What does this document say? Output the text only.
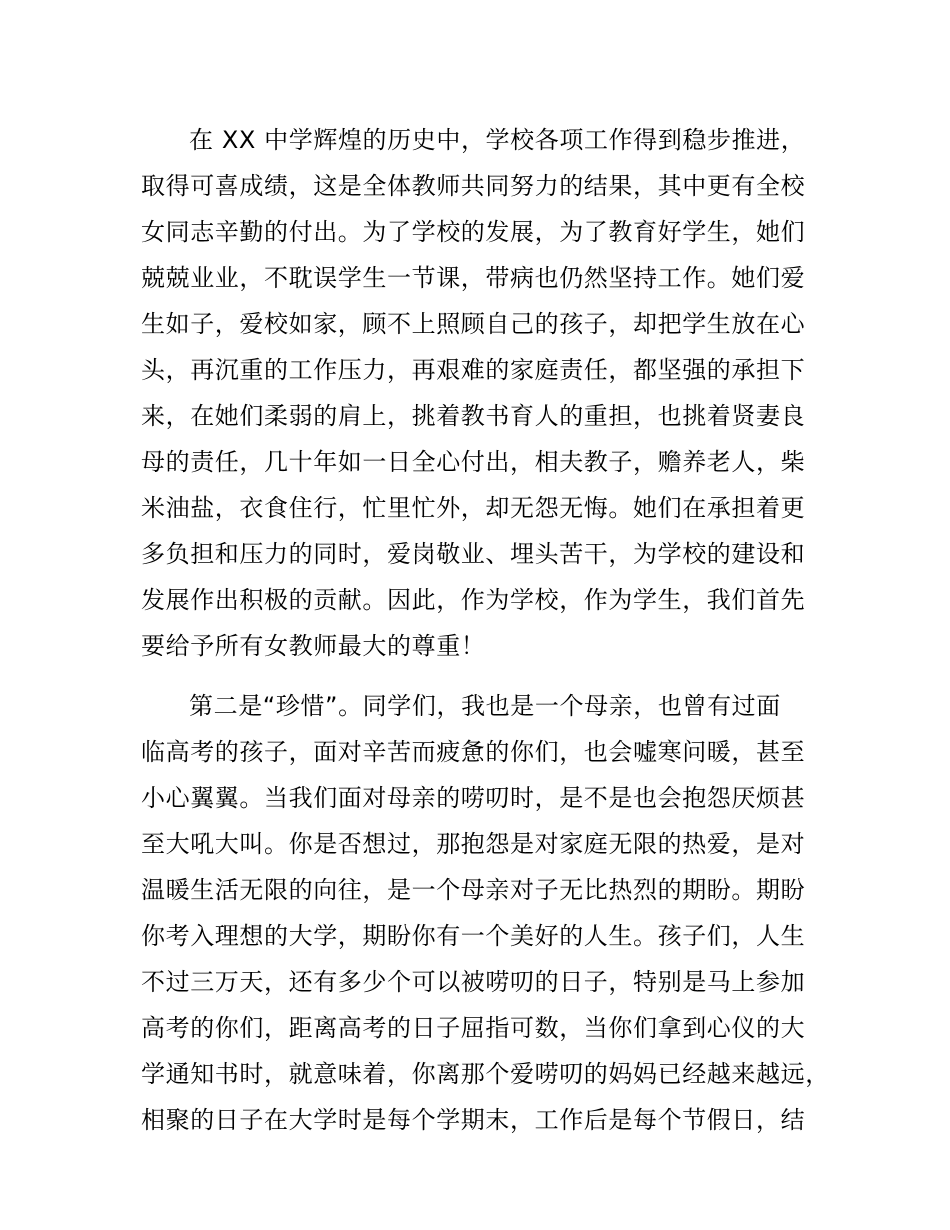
在 XX 中学辉煌的历史中，学校各项工作得到稳步推进，
取得可喜成绩，这是全体教师共同努力的结果，其中更有全校
女同志辛勤的付出。为了学校的发展，为了教育好学生，她们
兢兢业业，不耽误学生一节课，带病也仍然坚持工作。她们爱
生如子，爱校如家，顾不上照顾自己的孩子，却把学生放在心
头，再沉重的工作压力，再艰难的家庭责任，都坚强的承担下
来，在她们柔弱的肩上，挑着教书育人的重担，也挑着贤妻良
母的责任，几十年如一日全心付出，相夫教子，赡养老人，柴
米油盐，衣食住行，忙里忙外，却无怨无悔。她们在承担着更
多负担和压力的同时，爱岗敬业、埋头苦干，为学校的建设和
发展作出积极的贡献。因此，作为学校，作为学生，我们首先
要给予所有女教师最大的尊重！
第二是“珍惜”。同学们，我也是一个母亲，也曾有过面
临高考的孩子，面对辛苦而疲惫的你们，也会嘘寒问暖，甚至
小心翼翼。当我们面对母亲的唠叨时，是不是也会抱怨厌烦甚
至大吼大叫。你是否想过，那抱怨是对家庭无限的热爱，是对
温暖生活无限的向往，是一个母亲对子无比热烈的期盼。期盼
你考入理想的大学，期盼你有一个美好的人生。孩子们，人生
不过三万天，还有多少个可以被唠叨的日子，特别是马上参加
高考的你们，距离高考的日子屈指可数，当你们拿到心仪的大
学通知书时，就意味着，你离那个爱唠叨的妈妈已经越来越远，
相聚的日子在大学时是每个学期末，工作后是每个节假日，结
